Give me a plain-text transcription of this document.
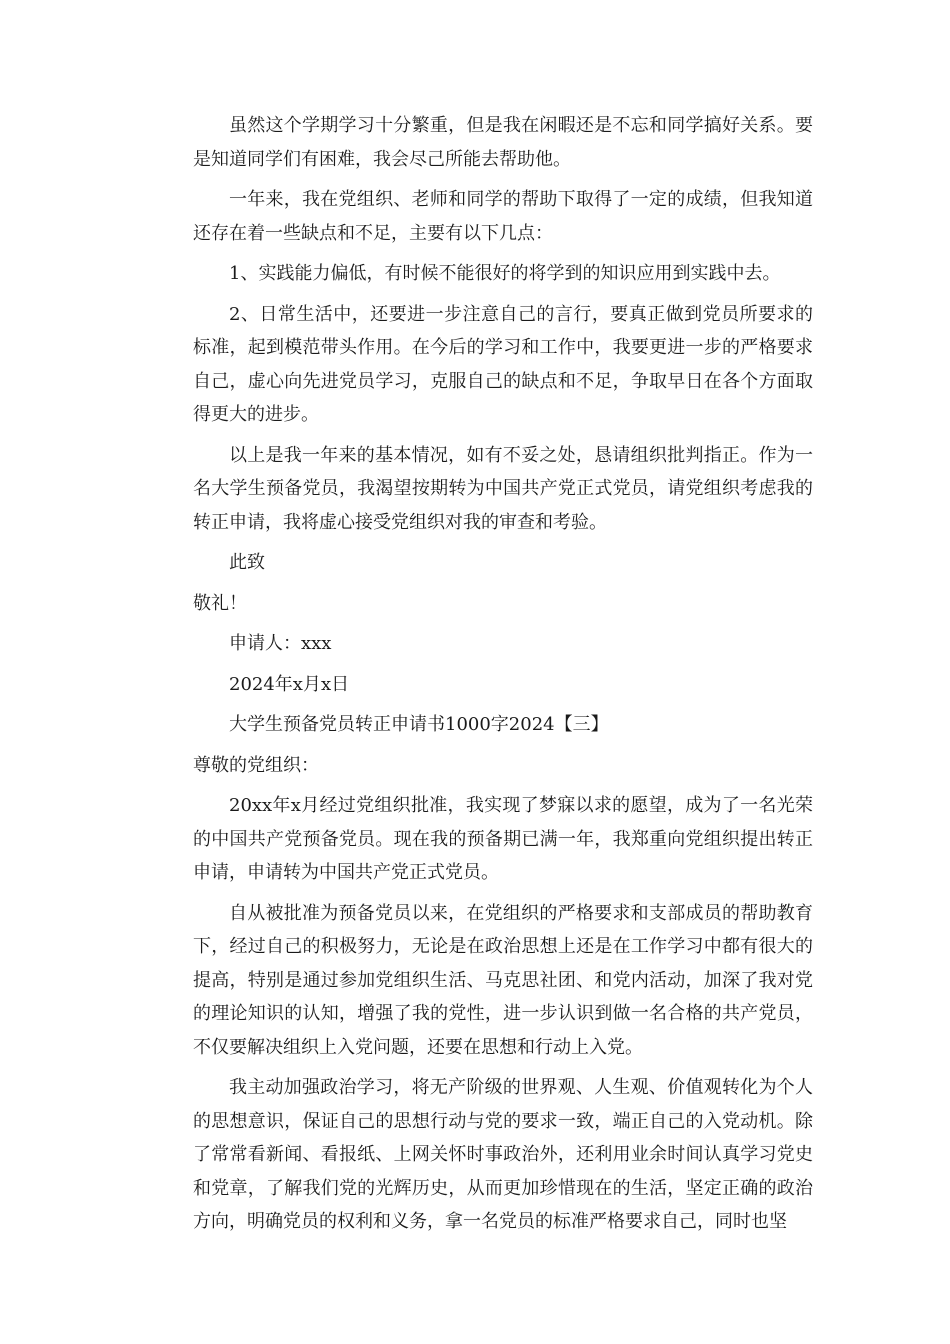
虽然这个学期学习十分繁重，但是我在闲暇还是不忘和同学搞好关系。要是知道同学们有困难，我会尽己所能去帮助他。

一年来，我在党组织、老师和同学的帮助下取得了一定的成绩，但我知道还存在着一些缺点和不足，主要有以下几点：

1、实践能力偏低，有时候不能很好的将学到的知识应用到实践中去。

2、日常生活中，还要进一步注意自己的言行，要真正做到党员所要求的标准，起到模范带头作用。在今后的学习和工作中，我要更进一步的严格要求自己，虚心向先进党员学习，克服自己的缺点和不足，争取早日在各个方面取得更大的进步。

以上是我一年来的基本情况，如有不妥之处，恳请组织批判指正。作为一名大学生预备党员，我渴望按期转为中国共产党正式党员，请党组织考虑我的转正申请，我将虚心接受党组织对我的审查和考验。

此致

敬礼！

申请人：xxx

2024年x月x日

大学生预备党员转正申请书1000字2024【三】

尊敬的党组织：

20xx年x月经过党组织批准，我实现了梦寐以求的愿望，成为了一名光荣的中国共产党预备党员。现在我的预备期已满一年，我郑重向党组织提出转正申请，申请转为中国共产党正式党员。

自从被批准为预备党员以来，在党组织的严格要求和支部成员的帮助教育下，经过自己的积极努力，无论是在政治思想上还是在工作学习中都有很大的提高，特别是通过参加党组织生活、马克思社团、和党内活动，加深了我对党的理论知识的认知，增强了我的党性，进一步认识到做一名合格的共产党员，不仅要解决组织上入党问题，还要在思想和行动上入党。

我主动加强政治学习，将无产阶级的世界观、人生观、价值观转化为个人的思想意识，保证自己的思想行动与党的要求一致，端正自己的入党动机。除了常常看新闻、看报纸、上网关怀时事政治外，还利用业余时间认真学习党史和党章，了解我们党的光辉历史，从而更加珍惜现在的生活，坚定正确的政治方向，明确党员的权利和义务，拿一名党员的标准严格要求自己，同时也坚
